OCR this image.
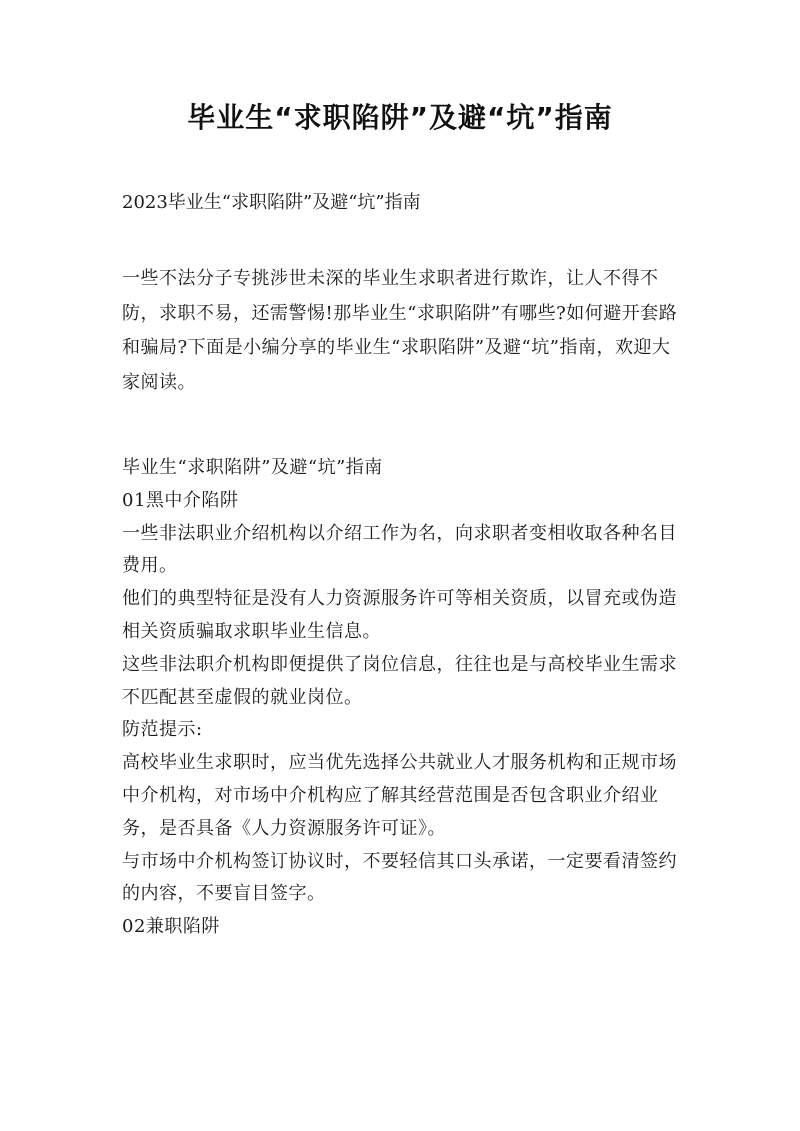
毕业生“求职陷阱”及避“坑”指南

2023毕业生“求职陷阱”及避“坑”指南

一些不法分子专挑涉世未深的毕业生求职者进行欺诈，让人不得不防，求职不易，还需警惕!那毕业生“求职陷阱”有哪些?如何避开套路和骗局?下面是小编分享的毕业生“求职陷阱”及避“坑”指南，欢迎大家阅读。

毕业生“求职陷阱”及避“坑”指南

01黑中介陷阱

一些非法职业介绍机构以介绍工作为名，向求职者变相收取各种名目费用。

他们的典型特征是没有人力资源服务许可等相关资质，以冒充或伪造相关资质骗取求职毕业生信息。

这些非法职介机构即便提供了岗位信息，往往也是与高校毕业生需求不匹配甚至虚假的就业岗位。

防范提示:

高校毕业生求职时，应当优先选择公共就业人才服务机构和正规市场中介机构，对市场中介机构应了解其经营范围是否包含职业介绍业务，是否具备《人力资源服务许可证》。

与市场中介机构签订协议时，不要轻信其口头承诺，一定要看清签约的内容，不要盲目签字。

02兼职陷阱
